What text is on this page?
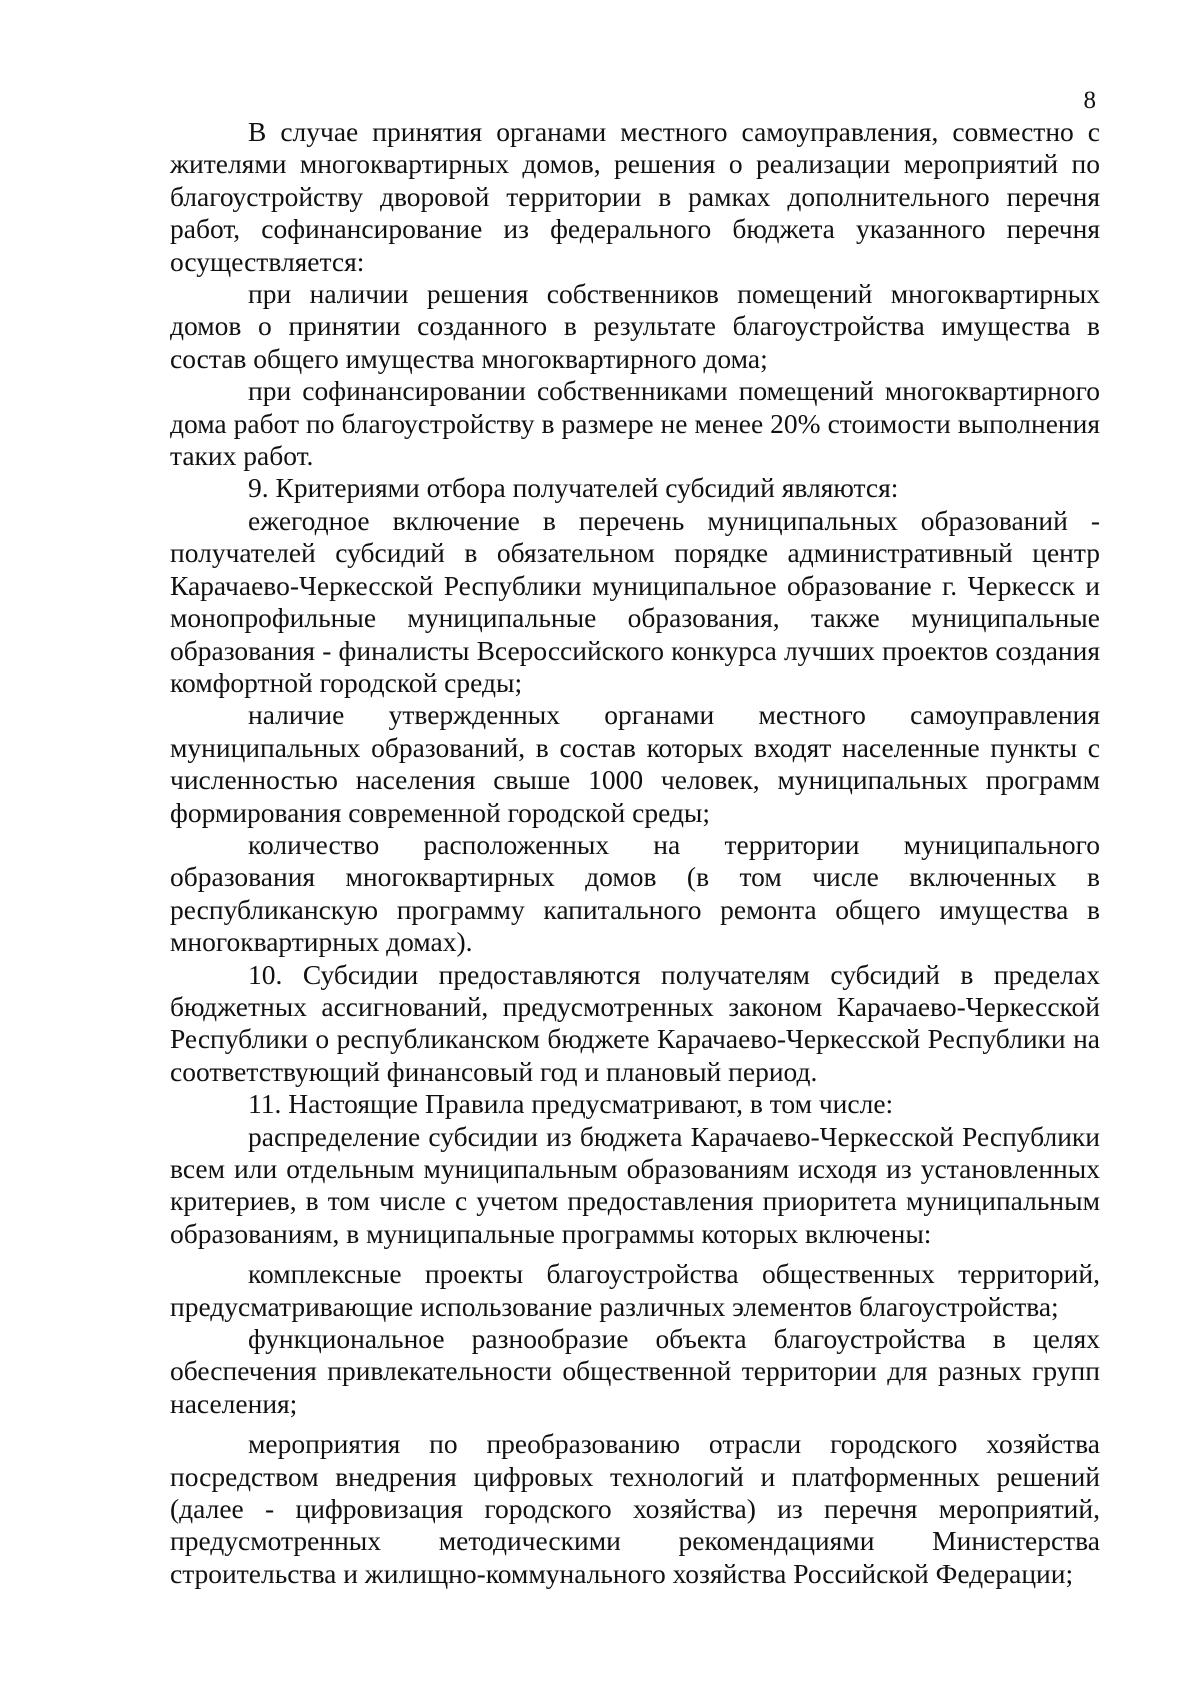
8

В случае принятия органами местного самоуправления, совместно с жителями многоквартирных домов, решения о реализации мероприятий по благоустройству дворовой территории в рамках дополнительного перечня работ, софинансирование из федерального бюджета указанного перечня осуществляется:

при наличии решения собственников помещений многоквартирных домов о принятии созданного в результате благоустройства имущества в состав общего имущества многоквартирного дома;

при софинансировании собственниками помещений многоквартирного дома работ по благоустройству в размере не менее 20% стоимости выполнения таких работ.

9. Критериями отбора получателей субсидий являются:

ежегодное включение в перечень муниципальных образований - получателей субсидий в обязательном порядке административный центр Карачаево-Черкесской Республики муниципальное образование г. Черкесск и монопрофильные муниципальные образования, также муниципальные образования - финалисты Всероссийского конкурса лучших проектов создания комфортной городской среды;

наличие утвержденных органами местного самоуправления муниципальных образований, в состав которых входят населенные пункты с численностью населения свыше 1000 человек, муниципальных программ формирования современной городской среды;

количество расположенных на территории муниципального образования многоквартирных домов (в том числе включенных в республиканскую программу капитального ремонта общего имущества в многоквартирных домах).

10. Субсидии предоставляются получателям субсидий в пределах бюджетных ассигнований, предусмотренных законом Карачаево-Черкесской Республики о республиканском бюджете Карачаево-Черкесской Республики на соответствующий финансовый год и плановый период.

11. Настоящие Правила предусматривают, в том числе:

распределение субсидии из бюджета Карачаево-Черкесской Республики всем или отдельным муниципальным образованиям исходя из установленных критериев, в том числе с учетом предоставления приоритета муниципальным образованиям, в муниципальные программы которых включены:

комплексные проекты благоустройства общественных территорий, предусматривающие использование различных элементов благоустройства;

функциональное разнообразие объекта благоустройства в целях обеспечения привлекательности общественной территории для разных групп населения;

мероприятия по преобразованию отрасли городского хозяйства посредством внедрения цифровых технологий и платформенных решений (далее - цифровизация городского хозяйства) из перечня мероприятий, предусмотренных методическими рекомендациями Министерства строительства и жилищно-коммунального хозяйства Российской Федерации;
